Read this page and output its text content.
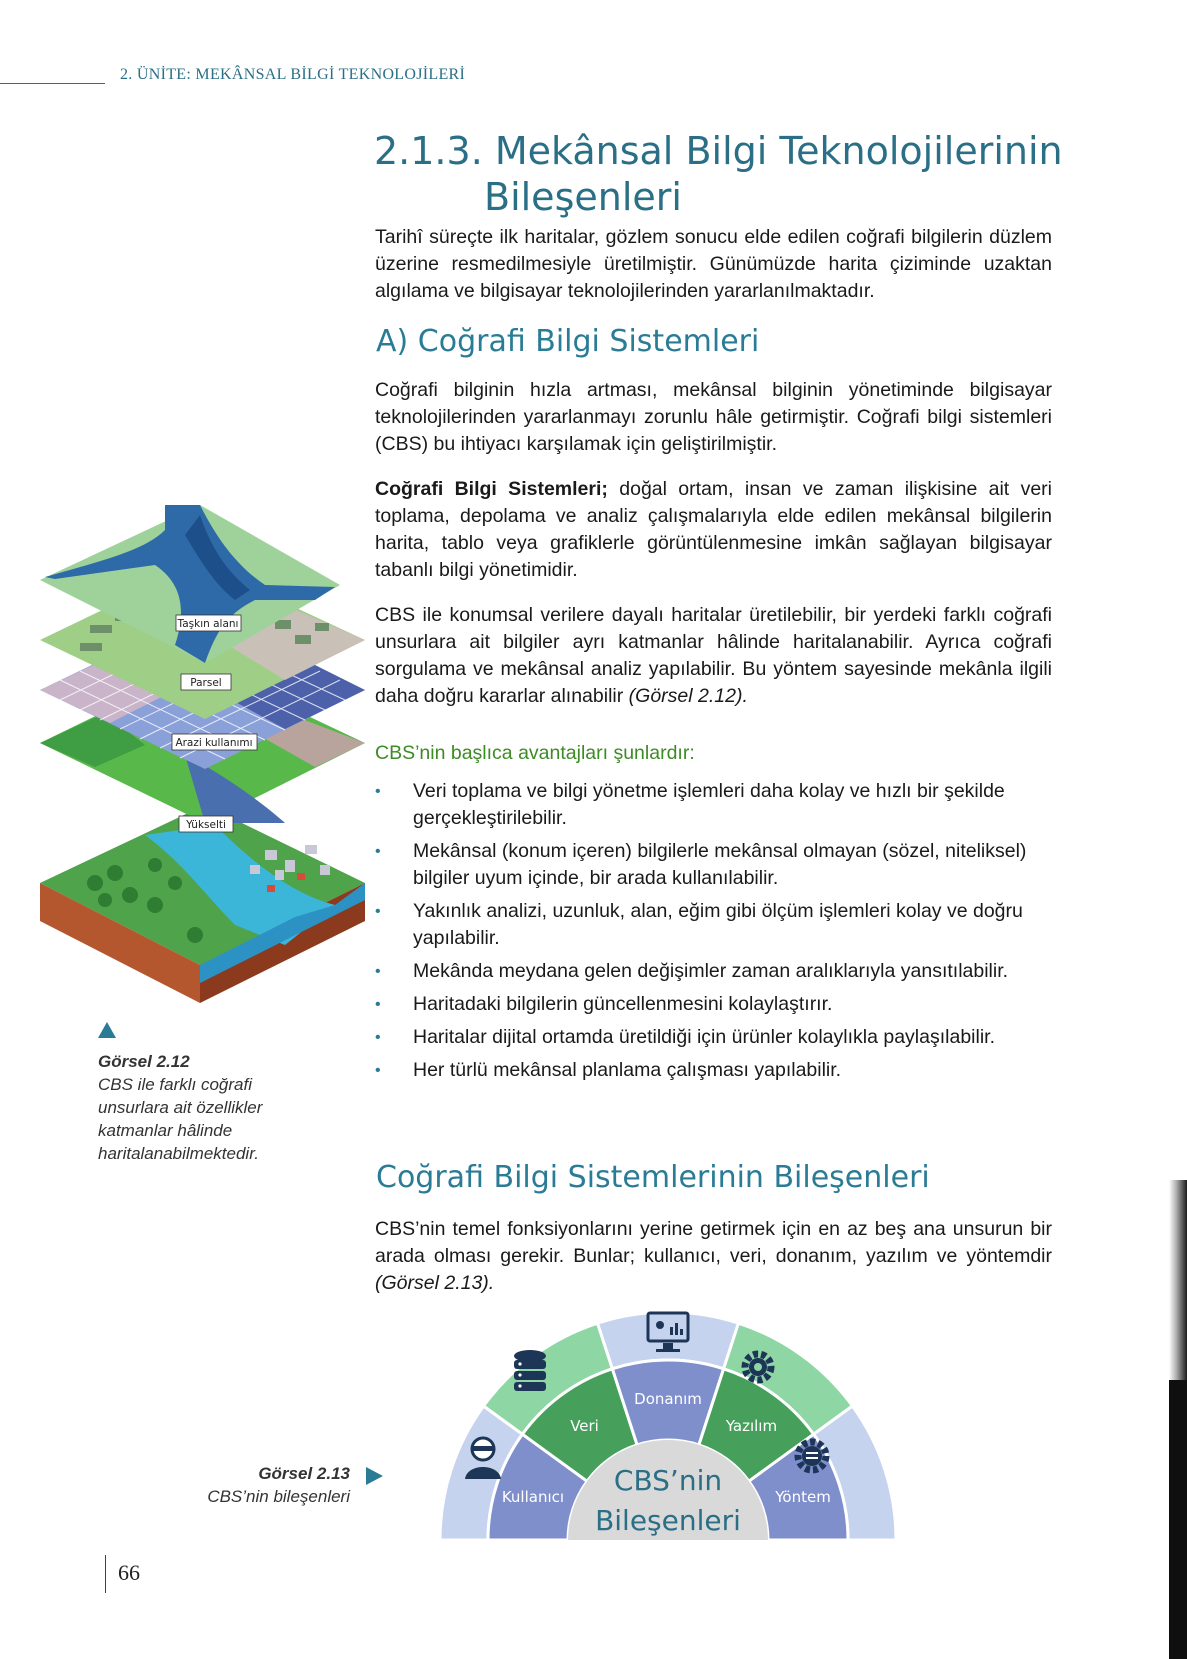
2. ÜNİTE: MEKÂNSAL BİLGİ TEKNOLOJİLERİ
2.1.3. Mekânsal Bilgi Teknolojilerinin
Bileşenleri
Tarihî süreçte ilk haritalar, gözlem sonucu elde edilen coğrafi bilgilerin düzlem üzerine resmedilmesiyle üretilmiştir. Günümüzde harita çiziminde uzaktan algılama ve bilgisayar teknolojilerinden yararlanılmaktadır.
A) Coğrafi Bilgi Sistemleri
Coğrafi bilginin hızla artması, mekânsal bilginin yönetiminde bilgisayar teknolojilerinden yararlanmayı zorunlu hâle getirmiştir. Coğrafi bilgi sistemleri (CBS) bu ihtiyacı karşılamak için geliştirilmiştir.
Coğrafi Bilgi Sistemleri; doğal ortam, insan ve zaman ilişkisine ait veri toplama, depolama ve analiz çalışmalarıyla elde edilen mekânsal bilgilerin harita, tablo veya grafiklerle görüntülenmesine imkân sağlayan bilgisayar tabanlı bilgi yönetimidir.
CBS ile konumsal verilere dayalı haritalar üretilebilir, bir yerdeki farklı coğrafi unsurlara ait bilgiler ayrı katmanlar hâlinde haritalanabilir. Ayrıca coğrafi sorgulama ve mekânsal analiz yapılabilir. Bu yöntem sayesinde mekânla ilgili daha doğru kararlar alınabilir (Görsel 2.12).
CBS’nin başlıca avantajları şunlardır:
• Veri toplama ve bilgi yönetme işlemleri daha kolay ve hızlı bir şekilde gerçekleştirilebilir.
• Mekânsal (konum içeren) bilgilerle mekânsal olmayan (sözel, niteliksel) bilgiler uyum içinde, bir arada kullanılabilir.
• Yakınlık analizi, uzunluk, alan, eğim gibi ölçüm işlemleri kolay ve doğru yapılabilir.
• Mekânda meydana gelen değişimler zaman aralıklarıyla yansıtılabilir.
• Haritadaki bilgilerin güncellenmesini kolaylaştırır.
• Haritalar dijital ortamda üretildiği için ürünler kolaylıkla paylaşılabilir.
• Her türlü mekânsal planlama çalışması yapılabilir.
Taşkın alanı
Parsel
Arazi kullanımı
Yükselti
Görsel 2.12
CBS ile farklı coğrafi unsurlara ait özellikler katmanlar hâlinde haritalanabilmektedir.
Coğrafi Bilgi Sistemlerinin Bileşenleri
CBS’nin temel fonksiyonlarını yerine getirmek için en az beş ana unsurun bir arada olması gerekir. Bunlar; kullanıcı, veri, donanım, yazılım ve yöntemdir (Görsel 2.13).
Görsel 2.13
CBS’nin bileşenleri	CBS’nin
Bileşenleri
Kullanıcı
Veri
Donanım
Yazılım
Yöntem
66
